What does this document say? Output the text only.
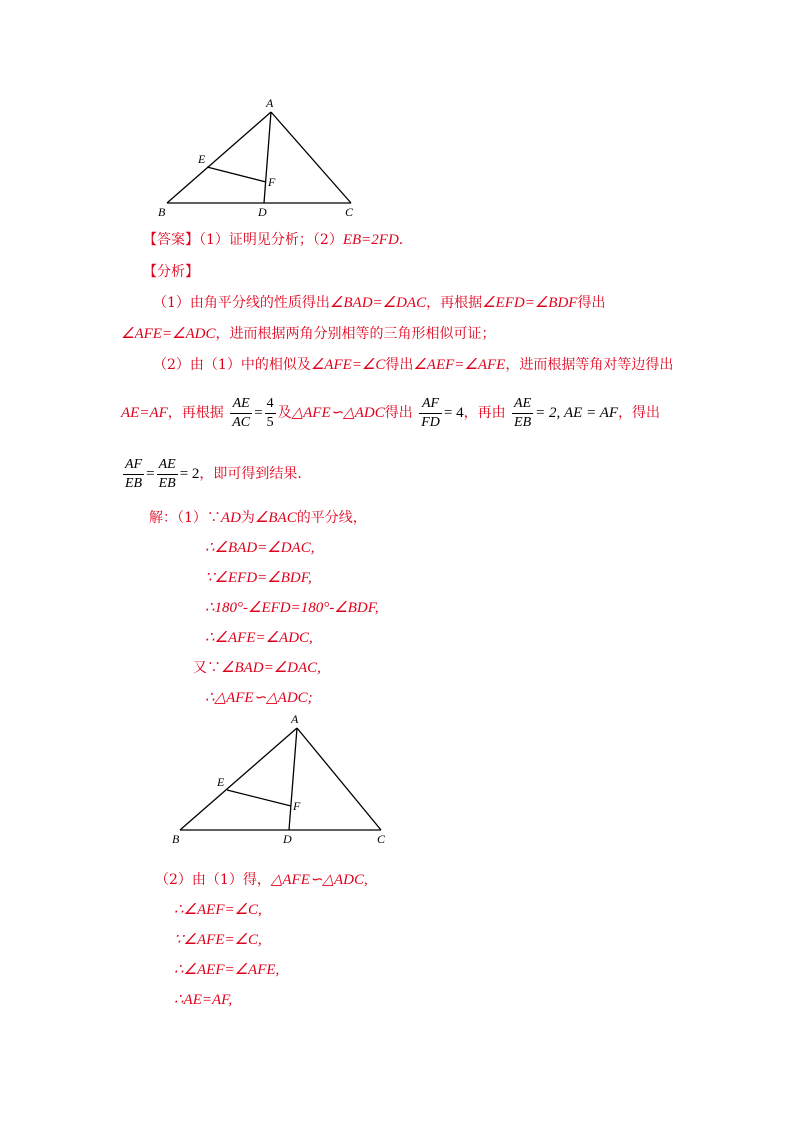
A
B	C
D
E
F
【答案】（1）证明见分析；（2）EB=2FD．
【分析】
（1）由角平分线的性质得出∠BAD=∠DAC，再根据∠EFD=∠BDF得出
∠AFE=∠ADC，进而根据两角分别相等的三角形相似可证；
（2）由（1）中的相似及∠AFE=∠C得出∠AEF=∠AFE，进而根据等角对等边得出
AE=AF，再根据 $\frac{AE}{AC} = \frac{4}{5}$ 及△AFE∽△ADC得出 $\frac{AF}{FD} = 4$，再由 $\frac{AE}{EB} = 2$, AE = AF，得出
$\frac{AF}{EB} = \frac{AE}{EB} = 2$，即可得到结果.
解：（1）∵AD为∠BAC的平分线，
∴∠BAD=∠DAC,
∵∠EFD=∠BDF,
∴180°-∠EFD=180°-∠BDF,
∴∠AFE=∠ADC,
又∵∠BAD=∠DAC,
∴△AFE∽△ADC;
A
B	C
D
E
F
（2）由（1）得，△AFE∽△ADC,
∴∠AEF=∠C,
∵∠AFE=∠C,
∴∠AEF=∠AFE,
∴AE=AF,
